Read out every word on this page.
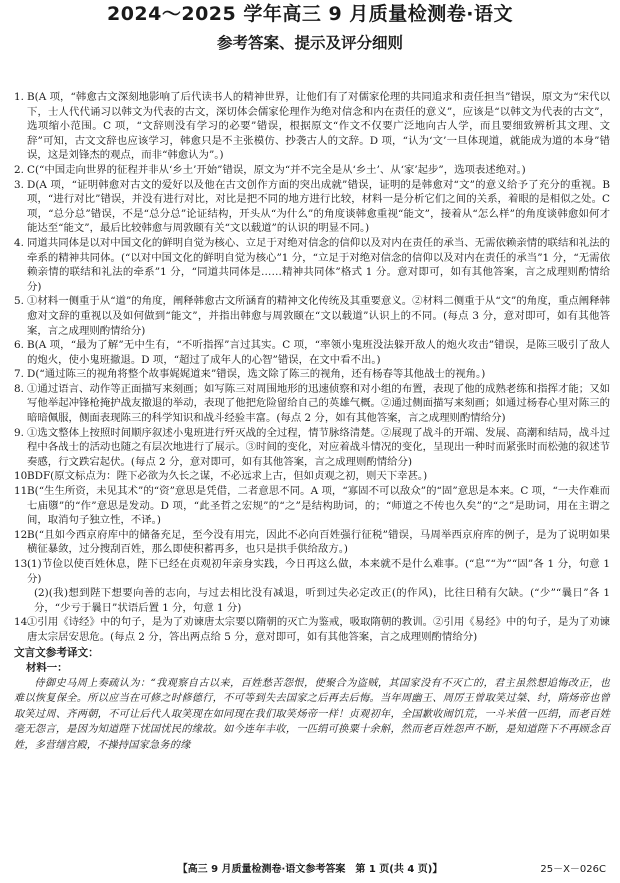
2024～2025 学年高三 9 月质量检测卷·语文
参考答案、提示及评分细则
1. B(A 项，“韩愈古文深刻地影响了后代读书人的精神世界，让他们有了对儒家伦理的共同追求和责任担当”错误，原文为“宋代以下，士人代代诵习以韩文为代表的古文，深切体会儒家伦理作为绝对信念和内在责任的意义”，应该是“以韩文为代表的古文”，选项缩小范围。C 项，“文辞则没有学习的必要”错误，根据原文“作文不仅要广泛地向古人学，而且要细致辨析其文理、文辞”可知，古文文辞也应该学习，韩愈只是不主张模仿、抄袭古人的文辞。D 项，“认为‘文’一旦体现道，就能成为道的本身”错误，这是刘锋杰的观点，而非“韩愈认为”。)
2. C(“中国走向世界的征程并非从‘乡土’开始”错误，原文为“并不完全是从‘乡土’、从‘家’起步”，选项表述绝对。)
3. D(A 项，“证明韩愈对古文的爱好以及他在古文创作方面的突出成就”错误，证明的是韩愈对“文”的意义给予了充分的重视。B 项，“进行对比”错误，并没有进行对比，对比是把不同的地方进行比较，材料一是分析它们之间的关系，着眼的是相似之处。C 项，“总分总”错误，不是“总分总”论证结构，开头从“为什么”的角度谈韩愈重视“能文”，接着从“怎么样”的角度谈韩愈如何才能达至“能文”，最后比较韩愈与周敦颐有关“文以载道”的认识的明显不同。)
4. 同道共同体是以对中国文化的鲜明自觉为核心、立足于对绝对信念的信仰以及对内在责任的承当、无需依赖亲情的联结和礼法的牵系的精神共同体。(“以对中国文化的鲜明自觉为核心”1 分，“立足于对绝对信念的信仰以及对内在责任的承当”1 分，“无需依赖亲情的联结和礼法的牵系”1 分，“同道共同体是……精神共同体”格式 1 分。意对即可，如有其他答案，言之成理则酌情给分)
5. ①材料一侧重于从“道”的角度，阐释韩愈古文所涵育的精神文化传统及其重要意义。②材料二侧重于从“文”的角度，重点阐释韩愈对文辞的重视以及如何做到“能文”，并指出韩愈与周敦颐在“文以载道”认识上的不同。(每点 3 分，意对即可，如有其他答案，言之成理则酌情给分)
6. B(A 项，“最为了解”无中生有，“不听指挥”言过其实。C 项，“率领小鬼班没法躲开敌人的炮火攻击”错误，是陈三吸引了敌人的炮火，使小鬼班撤退。D 项，“超过了成年人的心智”错误，在文中看不出。)
7. D(“通过陈三的视角将整个故事娓娓道来”错误，选文除了陈三的视角，还有杨春等其他战士的视角。)
8. ①通过语言、动作等正面描写来刻画；如写陈三对周围地形的迅速侦察和对小组的布置，表现了他的成熟老练和指挥才能；又如写他举起冲锋枪掩护战友撤退的举动，表现了他把危险留给自己的英雄气概。②通过侧面描写来刻画；如通过杨春心里对陈三的暗暗佩服，侧面表现陈三的科学知识和战斗经验丰富。(每点 2 分，如有其他答案，言之成理则酌情给分)
9. ①选文整体上按照时间顺序叙述小鬼班进行歼灭战的全过程，情节脉络清楚。②展现了战斗的开端、发展、高潮和结局，战斗过程中各战士的活动也随之有层次地进行了展示。③时间的变化，对应着战斗情况的变化，呈现出一种时而紧张时而松弛的叙述节奏感，行文跌宕起伏。(每点 2 分，意对即可，如有其他答案，言之成理则酌情给分)
10.
BDF(原文标点为：陛下必欲为久长之谋，不必远求上古，但如贞观之初，则天下幸甚。)
11.
B(“生生所资，未见其术”的“资”意思是凭借，二者意思不同。A 项，“寡固不可以敌众”的“固”意思是本来。C 项，“一夫作难而七庙隳”的“作”意思是发动。D 项，“此圣哲之宏规”的“之”是结构助词，的；“师道之不传也久矣”的“之”是助词，用在主谓之间，取消句子独立性，不译。)
12.
B(“且如今西京府库中的储备充足，至今没有用完，因此不必向百姓强行征税”错误，马周举西京府库的例子，是为了说明如果横征暴敛，过分搜刮百姓，那么即使积蓄再多，也只是拱手供给敌方。)
13.
(1)节俭以使百姓休息，陛下已经在贞观初年亲身实践，今日再这么做，本来就不是什么难事。(“息”“为”“固”各 1 分，句意 1 分)
(2)(我)想到陛下想要向善的志向，与过去相比没有减退，听到过失必定改正(的作风)，比往日稍有欠缺。(“少”“曩日”各 1 分，“少亏于曩日”状语后置 1 分，句意 1 分)
14.
①引用《诗经》中的句子，是为了劝谏唐太宗要以隋朝的灭亡为鉴戒，吸取隋朝的教训。②引用《易经》中的句子，是为了劝谏唐太宗居安思危。(每点 2 分，答出两点给 5 分，意对即可，如有其他答案，言之成理则酌情给分)
文言文参考译文：
材料一：
侍御史马周上奏疏认为：“我观察自古以来，百姓愁苦怨恨，使聚合为盗贼，其国家没有不灭亡的，君主虽然想追悔改正，也难以恢复保全。所以应当在可修之时修德行，不可等到失去国家之后再去后悔。当年周幽王、周厉王曾取笑过桀、纣，隋炀帝也曾取笑过周、齐两朝，不可让后代人取笑现在如同现在我们取笑炀帝一样！贞观初年，全国歉收闹饥荒，一斗米值一匹绢，而老百姓毫无怨言，是因为知道陛下忧国忧民的缘故。如今连年丰收，一匹绢可换粟十余斛，然而老百姓怨声不断，是知道陛下不再顾念百姓，多营缮宫殿，不操持国家急务的缘
【高三 9 月质量检测卷·语文参考答案　第 1 页(共 4 页)】	25－X－026C
